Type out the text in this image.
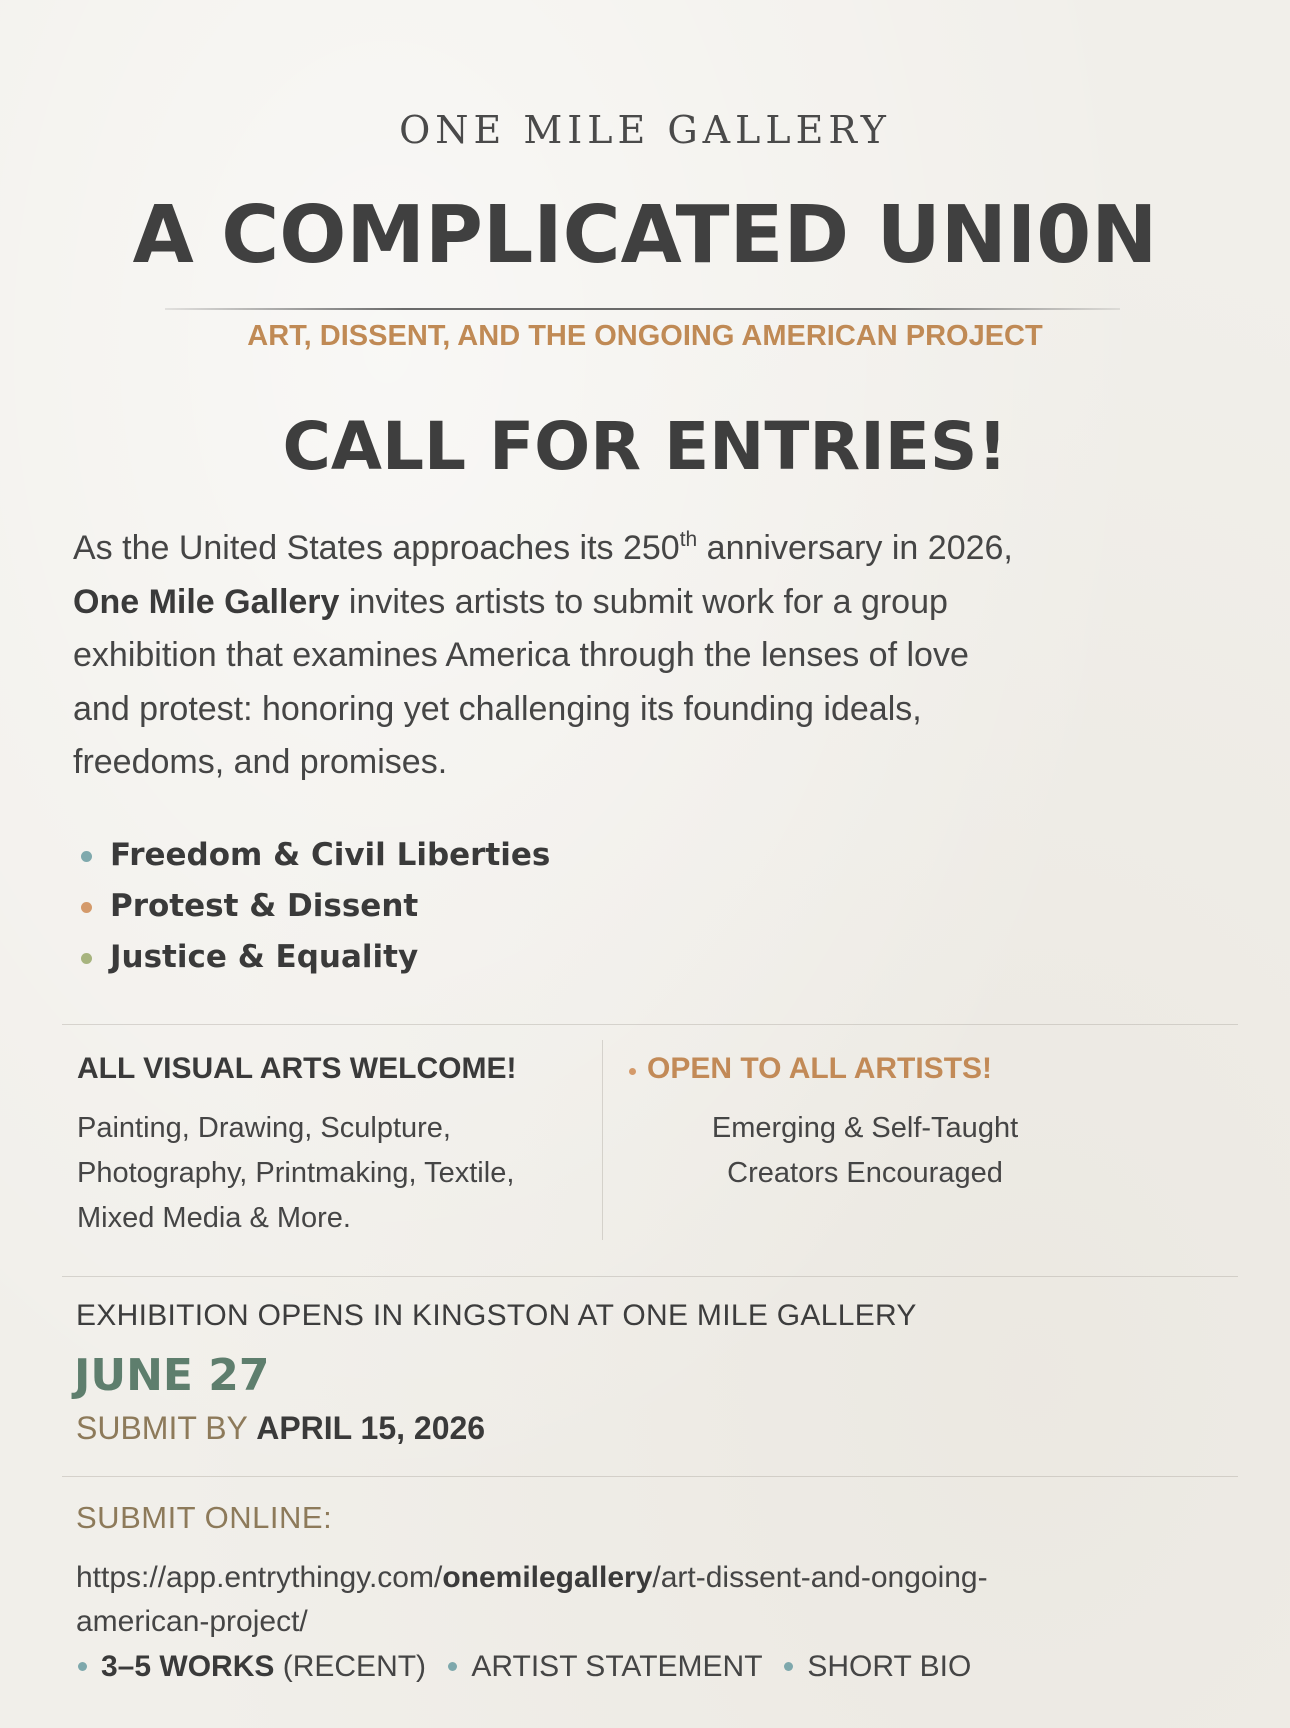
ONE MILE GALLERY
A COMPLICATED UNI0N
ART, DISSENT, AND THE ONGOING AMERICAN PROJECT
CALL FOR ENTRIES!

As the United States approaches its 250th anniversary in 2026,

One Mile Gallery invites artists to submit work for a group

exhibition that examines America through the lenses of love

and protest: honoring yet challenging its founding ideals,

freedoms, and promises.

Freedom & Civil Liberties
Protest & Dissent
Justice & Equality
ALL VISUAL ARTS WELCOME!

Painting, Drawing, Sculpture,

Photography, Printmaking, Textile,

Mixed Media & More.

OPEN TO ALL ARTISTS!

Emerging & Self-Taught

Creators Encouraged

EXHIBITION OPENS IN KINGSTON AT ONE MILE GALLERY
JUNE 27
SUBMIT BY APRIL 15, 2026
SUBMIT ONLINE:

https://app.entrythingy.com/onemilegallery/art-dissent-and-ongoing-

american-project/

3–5 WORKS (RECENT) ARTIST STATEMENT SHORT BIO
